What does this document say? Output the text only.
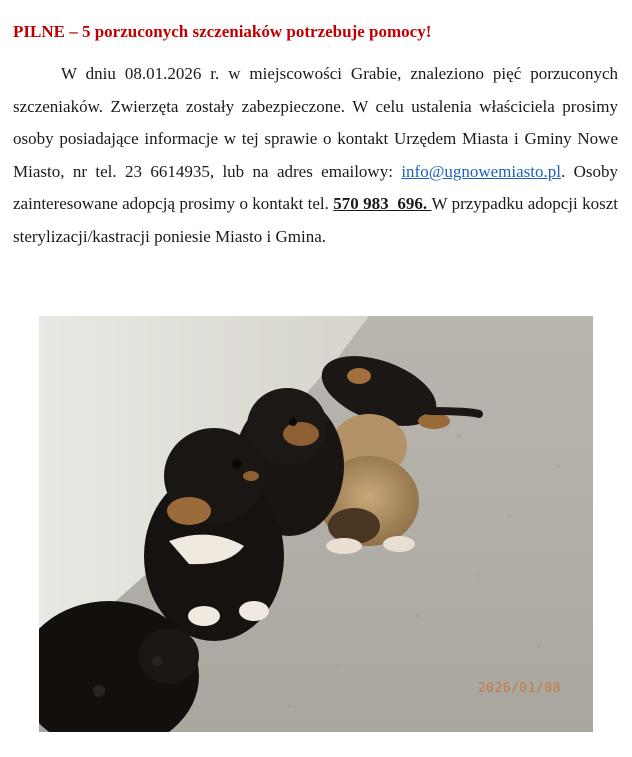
PILNE – 5 porzuconych szczeniaków potrzebuje pomocy!

W dniu 08.01.2026 r. w miejscowości Grabie, znaleziono pięć porzuconych szczeniaków. Zwierzęta zostały zabezpieczone. W celu ustalenia właściciela prosimy osoby posiadające informacje w tej sprawie o kontakt Urzędem Miasta i Gminy Nowe Miasto, nr tel. 23 6614935, lub na adres emailowy: info@ugnowemiasto.pl. Osoby zainteresowane adopcją prosimy o kontakt tel. 570 983  696. W przypadku adopcji koszt sterylizacji/kastracji poniesie Miasto i Gmina.

2026/01/08
